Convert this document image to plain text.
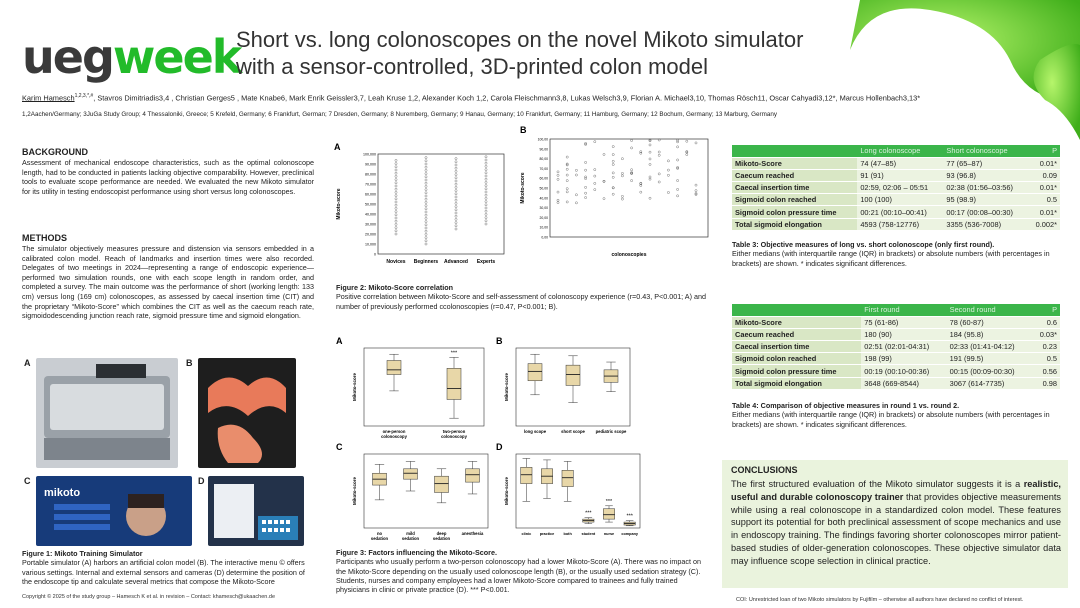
uegweek
Short vs. long colonoscopes on the novel Mikoto simulator
with a sensor-controlled, 3D-printed colon model
Karim Hamesch$^{1,2,3,*,\#}$, Stavros Dimitriadis3,4 , Christian Gerges5 , Mate Knabe6, Mark Enrik Geissler3,7, Leah Kruse 1,2, Alexander Koch 1,2, Carola Fleischmann3,8, Lukas Welsch3,9, Florian A. Michael3,10, Thomas Rösch11, Oscar Cahyadi3,12*, Marcus Hollenbach3,13*
1,2Aachen/Germany; 3JuGa Study Group; 4 Thessaloniki, Greece; 5 Krefeld, Germany; 6 Frankfurt, German; 7 Dresden, Germany; 8 Nuremberg, Germany; 9 Hanau, Germany; 10 Frankfurt, Germany; 11 Hamburg, Germany; 12 Bochum, Germany; 13 Marburg, Germany
BACKGROUND
Assessment of mechanical endoscope characteristics, such as the optimal colonoscope length, had to be conducted in patients lacking objective comparability. However, preclinical tools to evaluate scope performance are needed. We evaluated the new Mikoto simulator for its utility in testing endoscopist performance using short versus long colonoscopes.
METHODS
The simulator objectively measures pressure and distension via sensors embedded in a calibrated colon model. Reach of landmarks and insertion times were also recorded. Delegates of two meetings in 2024—representing a range of endoscopic experience—performed two simulation rounds, one with each scope length in random order, and completed a survey. The main outcome was the performance of short (working length: 133 cm) versus long (169 cm) colonoscopes, as assessed by caecal insertion time (CIT) and the proprietary “Mikoto-Score” which combines the CIT as well as the caecum reach rate, sigmoidodescending junction reach rate, sigmoid pressure time and sigmoid elongation.
A	B
C
mikoto
D
Figure 1: Mikoto Training Simulator
Portable simulator (A) harbors an artificial colon model (B). The interactive menu © offers various settings. Internal and external sensors and cameras (D) determine the position of the endoscope tip and calculate several metrics that compose the Mikoto-Score
A
100,000
90,000
80,000
70,000
60,000
50,000
40,000
30,000
20,000
10,000
0
Mikoto-score
Novices Beginners Advanced Experts
B
100,00
90,00
80,00
70,00
60,00
50,00
40,00
30,00
20,00
10,00
0,00
Mikoto-score
colonoscopies
Figure 2: Mikoto-Score correlation
Positive correlation between Mikoto-Score and self-assessment of colonoscopy experience (r=0.43, P<0.001; A) and number of previously performed ccolonoscopies (r=0.47, P<0.001; B).
A
Mikoto-score
one-person
colonoscopy
two-person
colonoscopy
***
B
Mikoto-score
long scope	short scope	pediatric scope
C
Mikoto-score
no
sedation
mild
sedation
deep
sedation
anesthesia
D
Mikoto-score
clinic practice both	student nurse company
***
***
***
Figure 3: Factors influencing the Mikoto-Score.
Participants who usually perform a two-person colonoscopy had a lower Mikoto-Score (A). There was no impact on the Mikoto-Score depending on the usually used colonoscope length (B), or the usually used sedation strategy (C). Students, nurses and company employees had a lower Mikoto-Score compared to trainees and fully trained physicians in clinic or private practice (D). *** P<0.001.
	Long colonoscope	Short colonoscope	P
Mikoto-Score	74 (47–85)	77 (65–87)	0.01*
Caecum reached	91 (91)	93 (96.8)	0.09
Caecal insertion time	02:59, 02:06 – 05:51	02:38 (01:56–03:56)	0.01*
Sigmoid colon reached	100 (100)	95 (98.9)	0.5
Sigmoid colon pressure time	00:21 (00:10–00:41)	00:17 (00:08–00:30)	0.01*
Total sigmoid elongation	4593 (758-12776)	3355 (536-7008)	0.002*
Table 3: Objective measures of long vs. short colonoscope (only first round).
Either medians (with interquartile range (IQR) in brackets) or absolute numbers (with percentages in brackets) are shown. * indicates significant differences.
	First round	Second round	P
Mikoto-Score	75 (61-86)	78 (60-87)	0.6
Caecum reached	180 (90)	184 (95.8)	0.03*
Caecal insertion time	02:51 (02:01-04:31)	02:33 (01:41-04:12)	0.23
Sigmoid colon reached	198 (99)	191 (99.5)	0.5
Sigmoid colon pressure time	00:19 (00:10-00:36)	00:15 (00:09-00:30)	0.56
Total sigmoid elongation	3648 (669-8544)	3067 (614-7735)	0.98
Table 4: Comparison of objective measures in round 1 vs. round 2.
Either medians (with interquartile range (IQR) in brackets) or absolute numbers (with percentages in brackets) are shown. * indicates significant differences.
CONCLUSIONS
The first structured evaluation of the Mikoto simulator suggests it is a realistic, useful and durable colonoscopy trainer that provides objective measurements while using a real colonoscope in a standardized colon model. These features support its potential for both preclinical assessment of scope mechanics and use in endoscopy training. The findings favoring shorter colonoscopes mirror patient-based studies of older-generation colonoscopes. These objective simulator data may influence scope selection in clinical practice.
Copyright © 2025 of the study group – Hamesch K et al. in revision – Contact: khamesch@ukaachen.de	COI: Unrestricted loan of two Mikoto simulators by Fujifilm – otherwise all authors have declared no conflict of interest.
